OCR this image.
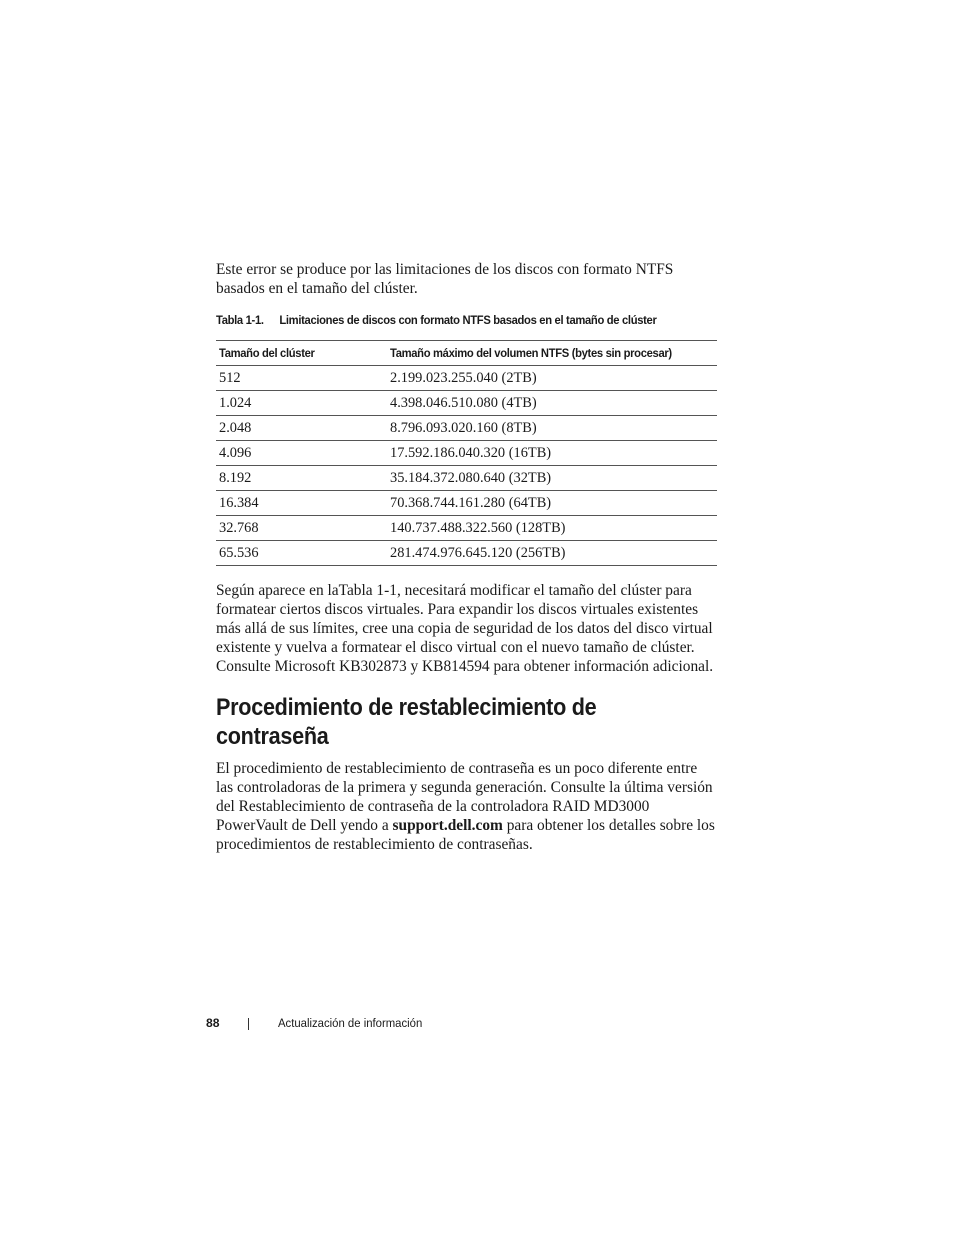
Este error se produce por las limitaciones de los discos con formato NTFS basados en el tamaño del clúster.

Tabla 1-1. Limitaciones de discos con formato NTFS basados en el tamaño de clúster
Tamaño del clúster	Tamaño máximo del volumen NTFS (bytes sin procesar)
512	2.199.023.255.040 (2TB)
1.024	4.398.046.510.080 (4TB)
2.048	8.796.093.020.160 (8TB)
4.096	17.592.186.040.320 (16TB)
8.192	35.184.372.080.640 (32TB)
16.384	70.368.744.161.280 (64TB)
32.768	140.737.488.322.560 (128TB)
65.536	281.474.976.645.120 (256TB)

Según aparece en laTabla 1-1, necesitará modificar el tamaño del clúster para formatear ciertos discos virtuales. Para expandir los discos virtuales existentes más allá de sus límites, cree una copia de seguridad de los datos del disco virtual existente y vuelva a formatear el disco virtual con el nuevo tamaño de clúster. Consulte Microsoft KB302873 y KB814594 para obtener información adicional.

Procedimiento de restablecimiento de contraseña

El procedimiento de restablecimiento de contraseña es un poco diferente entre las controladoras de la primera y segunda generación. Consulte la última versión del Restablecimiento de contraseña de la controladora RAID MD3000 PowerVault de Dell yendo a support.dell.com para obtener los detalles sobre los procedimientos de restablecimiento de contraseñas.

88	Actualización de información
